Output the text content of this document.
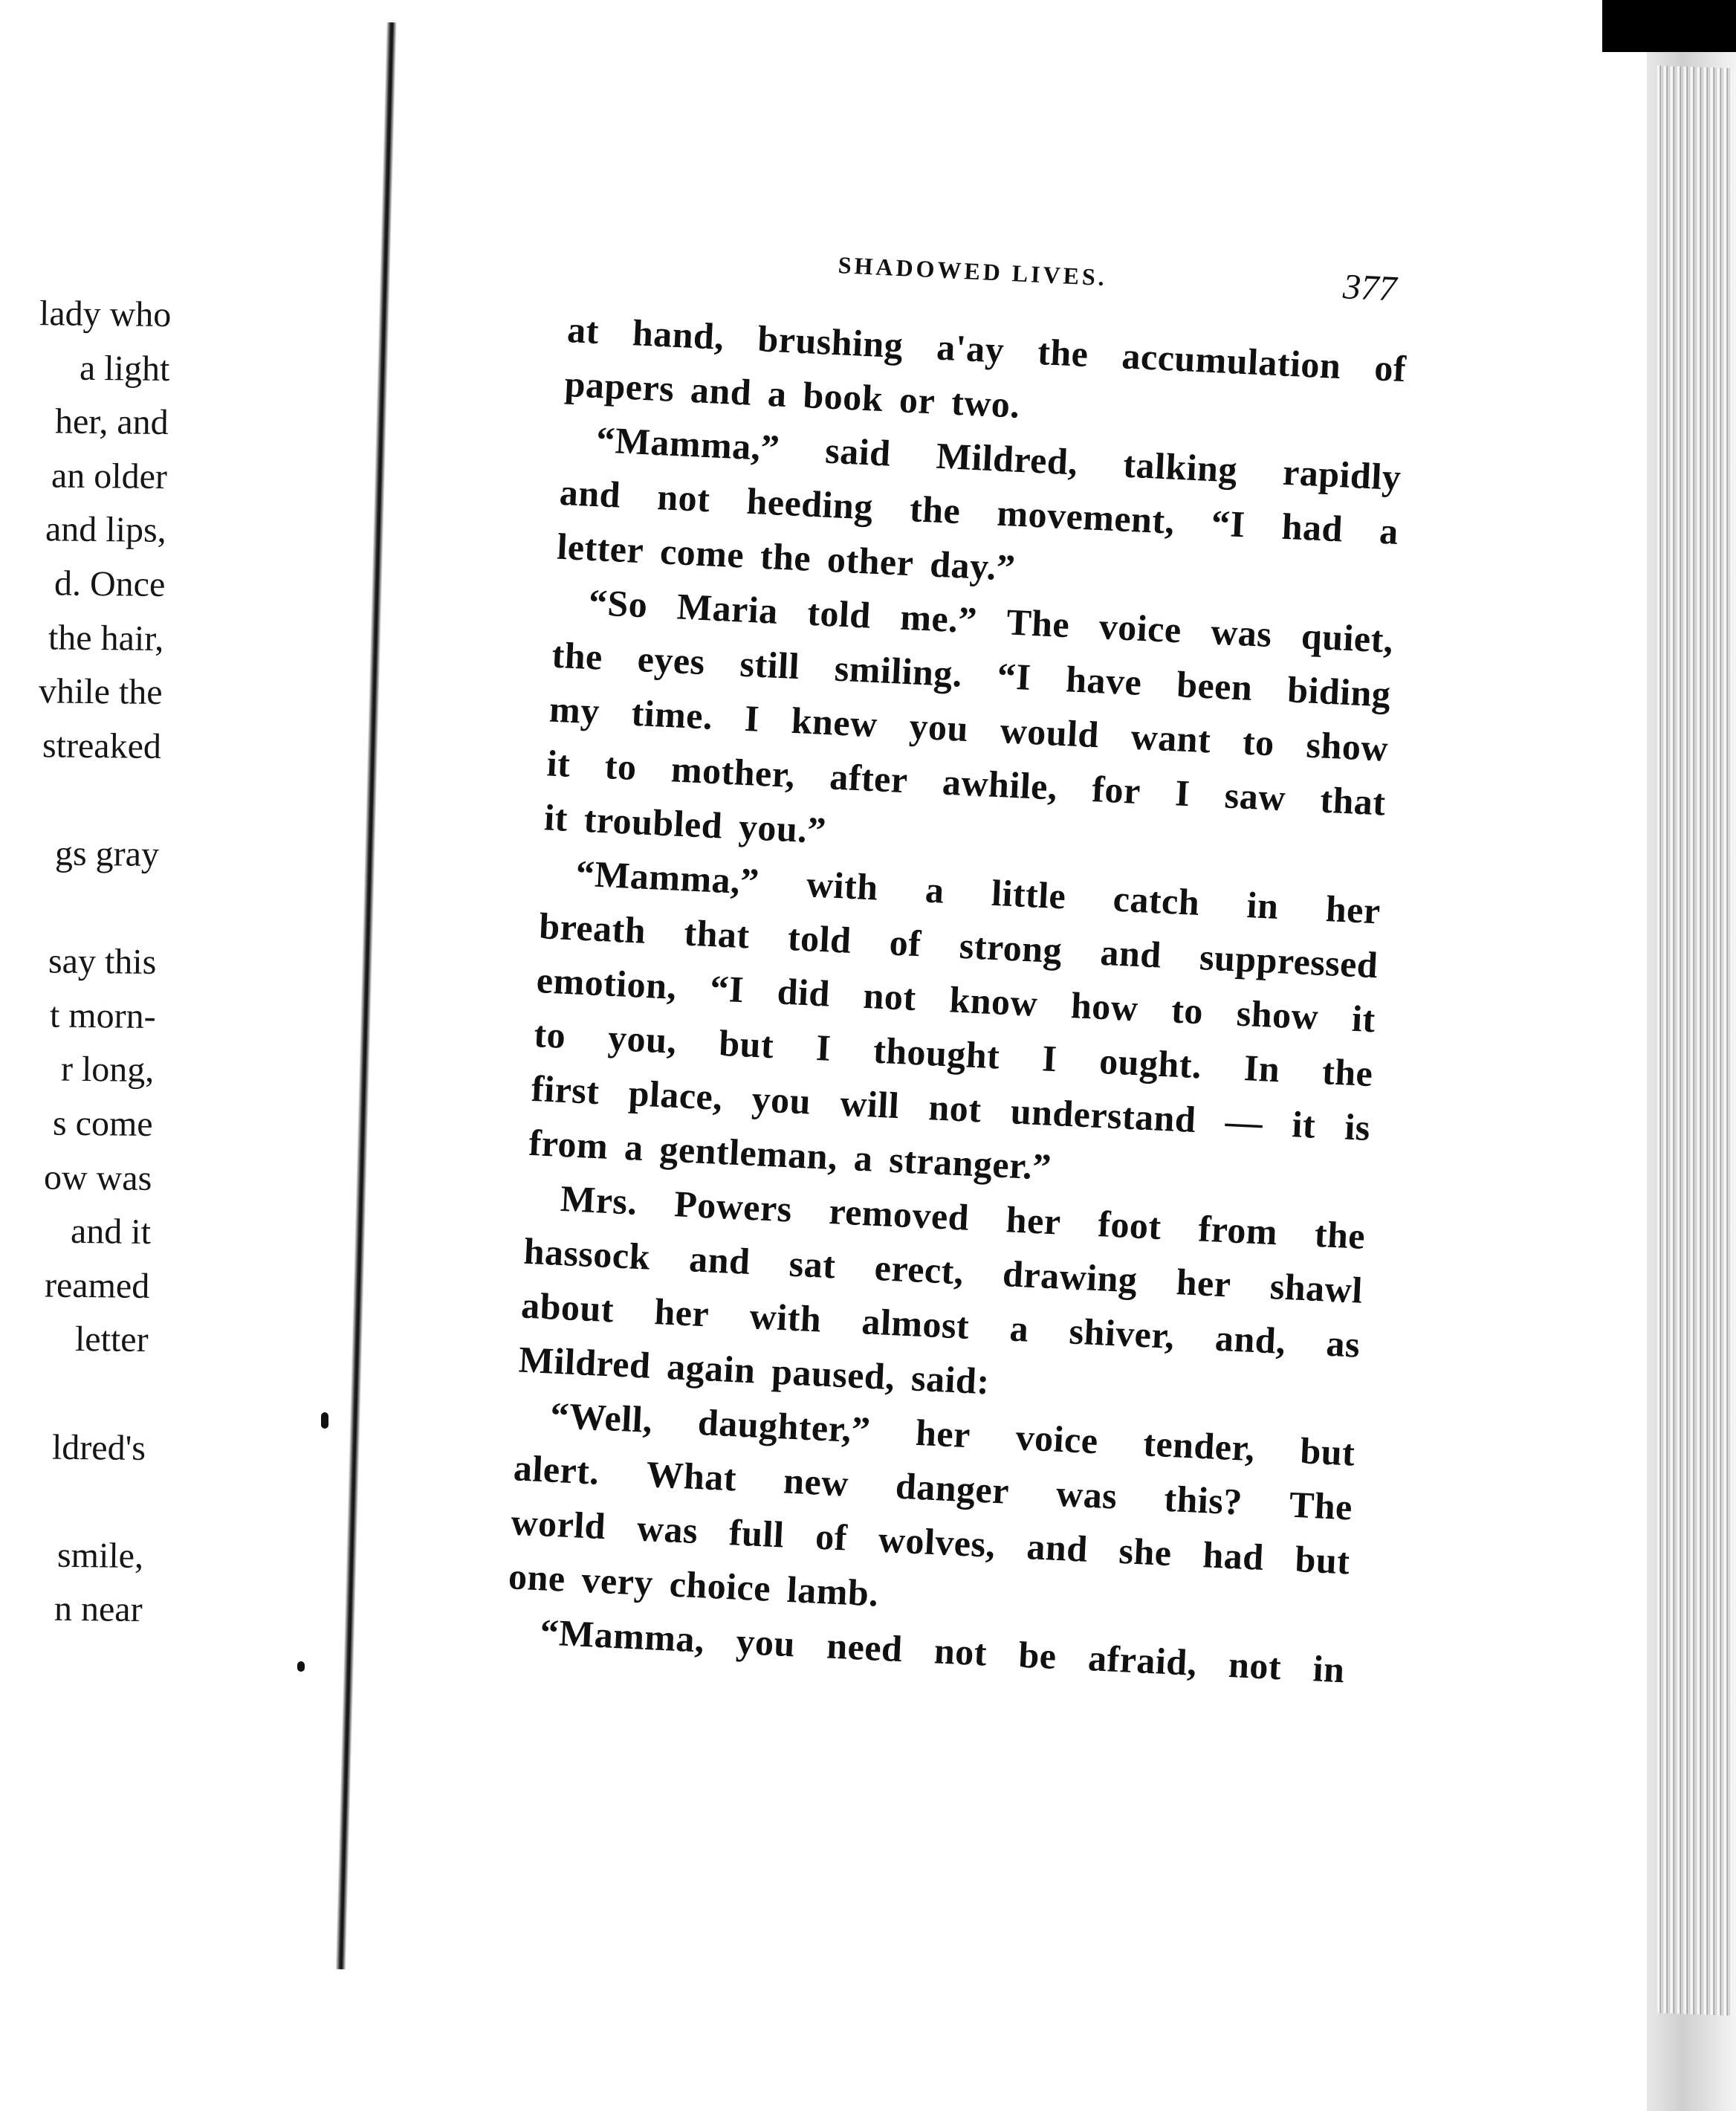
lady who
a light
her, and
an older
and lips,
d. Once
the hair,
vhile the
streaked
gs gray
say this
t morn-
r long,
s come
ow was
and it
reamed
letter
ldred's
smile,
n near
SHADOWED LIVES.	377
at hand, brushing a'ay the accumulation of
papers and a book or two.
“Mamma,” said Mildred, talking rapidly
and not heeding the movement, “I had a
letter come the other day.”
“So Maria told me.” The voice was quiet,
the eyes still smiling. “I have been biding
my time. I knew you would want to show
it to mother, after awhile, for I saw that
it troubled you.”
“Mamma,” with a little catch in her
breath that told of strong and suppressed
emotion, “I did not know how to show it
to you, but I thought I ought. In the
first place, you will not understand — it is
from a gentleman, a stranger.”
Mrs. Powers removed her foot from the
hassock and sat erect, drawing her shawl
about her with almost a shiver, and, as
Mildred again paused, said:
“Well, daughter,” her voice tender, but
alert. What new danger was this? The
world was full of wolves, and she had but
one very choice lamb.
“Mamma, you need not be afraid, not in
